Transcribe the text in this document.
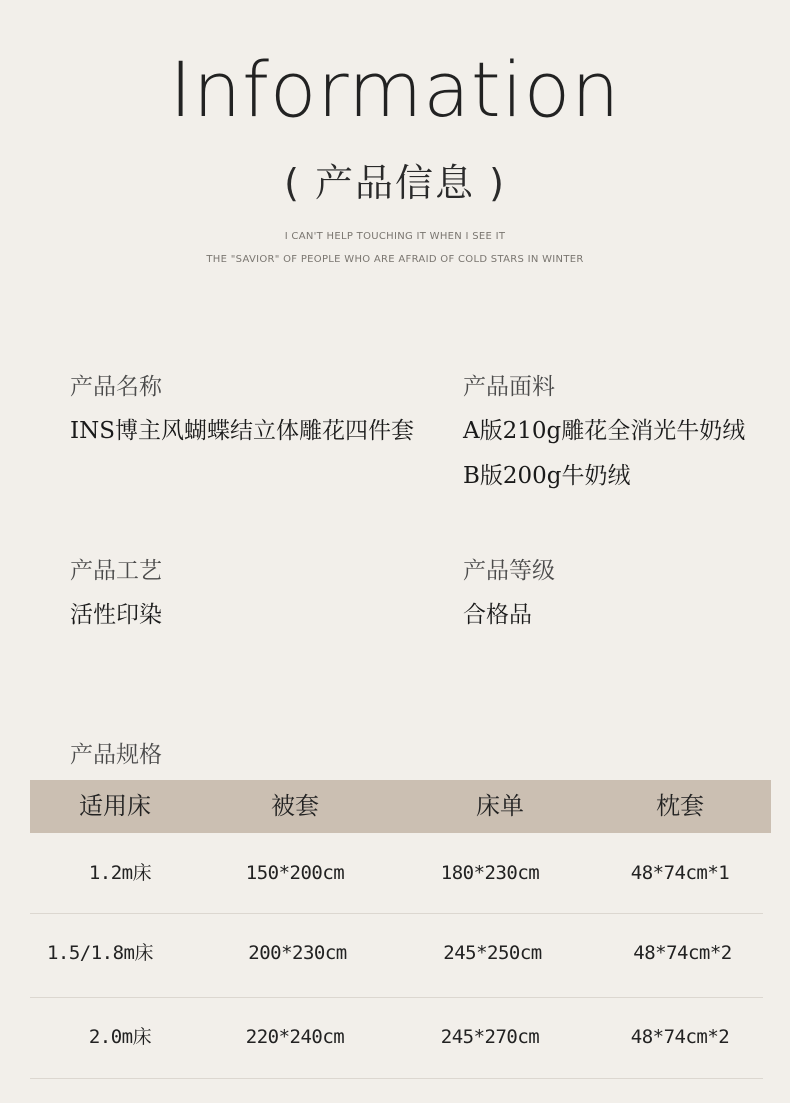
Information
( 产品信息 )
I CAN'T HELP TOUCHING IT WHEN I SEE IT
THE "SAVIOR" OF PEOPLE WHO ARE AFRAID OF COLD STARS IN WINTER
产品名称
INS博主风蝴蝶结立体雕花四件套
产品面料
A版210g雕花全消光牛奶绒
B版200g牛奶绒
产品工艺
活性印染
产品等级
合格品
产品规格
适用床	被套	床单	枕套
1.2m床	150*200cm	180*230cm	48*74cm*1
1.5/1.8m床	200*230cm	245*250cm	48*74cm*2
2.0m床	220*240cm	245*270cm	48*74cm*2
